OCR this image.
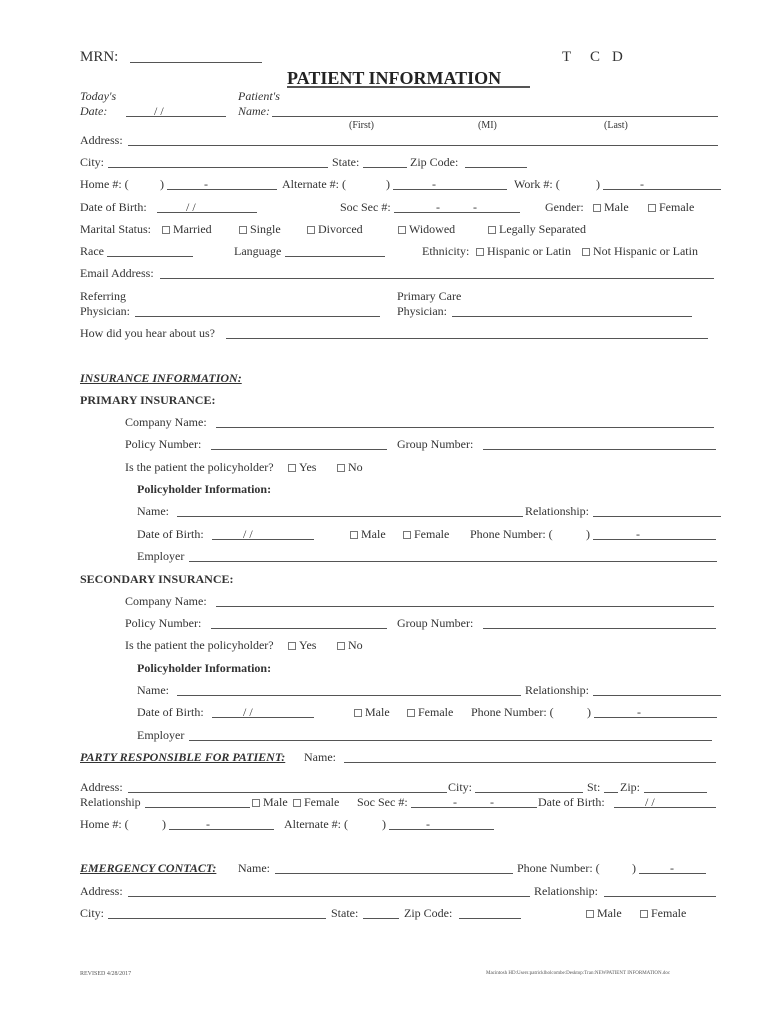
MRN:	T C D
PATIENT INFORMATION
Today's
Date:	/ /
Patient's
Name:
(First)	(MI)	(Last)
Address:
City:	State:	Zip Code:
Home #: (	)	-	Alternate #: (	)	-	Work #: (	)	-
Date of Birth:	/ /	Soc Sec #:	-	-	Gender:	Male	Female
Marital Status:	Married	Single	Divorced	Widowed	Legally Separated
Race	Language	Ethnicity:	Hispanic or Latin	Not Hispanic or Latin
Email Address:
Referring
Physician:
Primary Care
Physician:
How did you hear about us?
INSURANCE INFORMATION:
PRIMARY INSURANCE:
Company Name:
Policy Number:	Group Number:
Is the patient the policyholder?	Yes	No
Policyholder Information:
Name:	Relationship:
Date of Birth:	/ /	Male	Female Phone Number: (	)	-
Employer
SECONDARY INSURANCE:
Company Name:
Policy Number:	Group Number:
Is the patient the policyholder?	Yes	No
Policyholder Information:
Name:	Relationship:
Date of Birth:	/ /	Male	Female Phone Number: (	)	-
Employer
PARTY RESPONSIBLE FOR PATIENT: Name:
Address:	City:	St: Zip:
Relationship	Male	Female Soc Sec #:	-	-	Date of Birth:	/ /
Home #: (	)	-	Alternate #: (	)	-
EMERGENCY CONTACT: Name:	Phone Number: (	)	-
Address:	Relationship:
City:	State:	Zip Code:	Male	Female
REVISED 4/28/2017	Macintosh HD:Users:patricklholcombe:Desktop:Tran:NEWPATIENT INFORMATION.doc
